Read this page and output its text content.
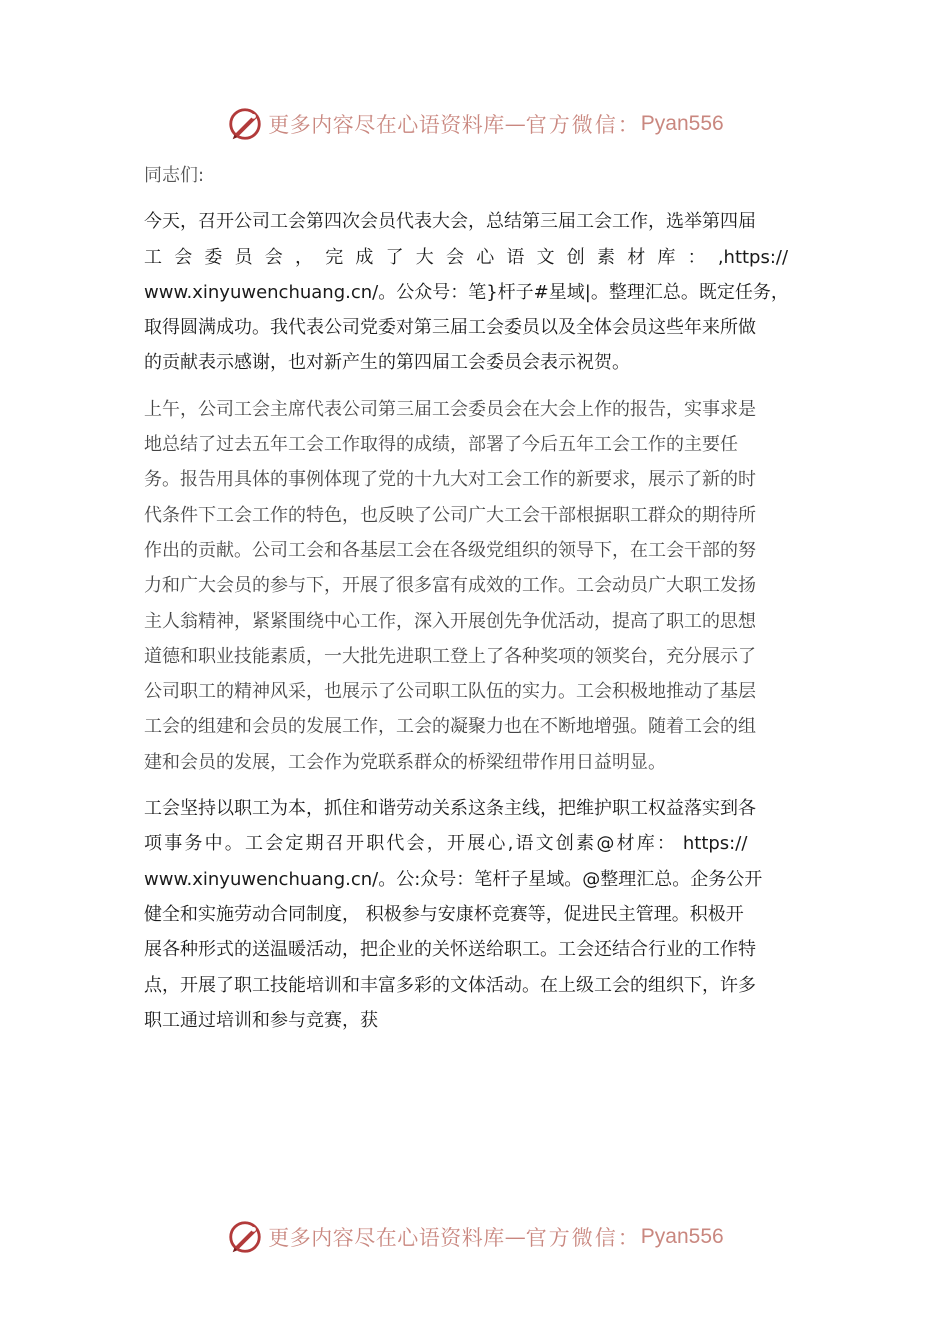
更多内容尽在心语资料库 — 官方微信： Pyan556

同志们:

今天，召开公司工会第四次会员代表大会，总结第三届工会工作，选举第四届
工会委员会，完成了大会心语文创素材库：,https://
www.xinyuwenchuang.cn/。公众号：笔}杆子#星域|。整理汇总。既定任务，
取得圆满成功。我代表公司党委对第三届工会委员以及全体会员这些年来所做
的贡献表示感谢，也对新产生的第四届工会委员会表示祝贺。

上午，公司工会主席代表公司第三届工会委员会在大会上作的报告，实事求是
地总结了过去五年工会工作取得的成绩，部署了今后五年工会工作的主要任
务。报告用具体的事例体现了党的十九大对工会工作的新要求，展示了新的时
代条件下工会工作的特色，也反映了公司广大工会干部根据职工群众的期待所
作出的贡献。公司工会和各基层工会在各级党组织的领导下，在工会干部的努
力和广大会员的参与下，开展了很多富有成效的工作。工会动员广大职工发扬
主人翁精神，紧紧围绕中心工作，深入开展创先争优活动，提高了职工的思想
道德和职业技能素质，一大批先进职工登上了各种奖项的领奖台，充分展示了
公司职工的精神风采，也展示了公司职工队伍的实力。工会积极地推动了基层
工会的组建和会员的发展工作，工会的凝聚力也在不断地增强。随着工会的组
建和会员的发展，工会作为党联系群众的桥梁纽带作用日益明显。

工会坚持以职工为本，抓住和谐劳动关系这条主线，把维护职工权益落实到各
项事务中。工会定期召开职代会，开展心,语文创素@材库： https://
www.xinyuwenchuang.cn/。公:众号：笔杆子星域。@整理汇总。企务公开
健全和实施劳动合同制度， 积极参与安康杯竞赛等，促进民主管理。积极开
展各种形式的送温暖活动，把企业的关怀送给职工。工会还结合行业的工作特
点，开展了职工技能培训和丰富多彩的文体活动。在上级工会的组织下，许多
职工通过培训和参与竞赛，获

更多内容尽在心语资料库 — 官方微信： Pyan556
